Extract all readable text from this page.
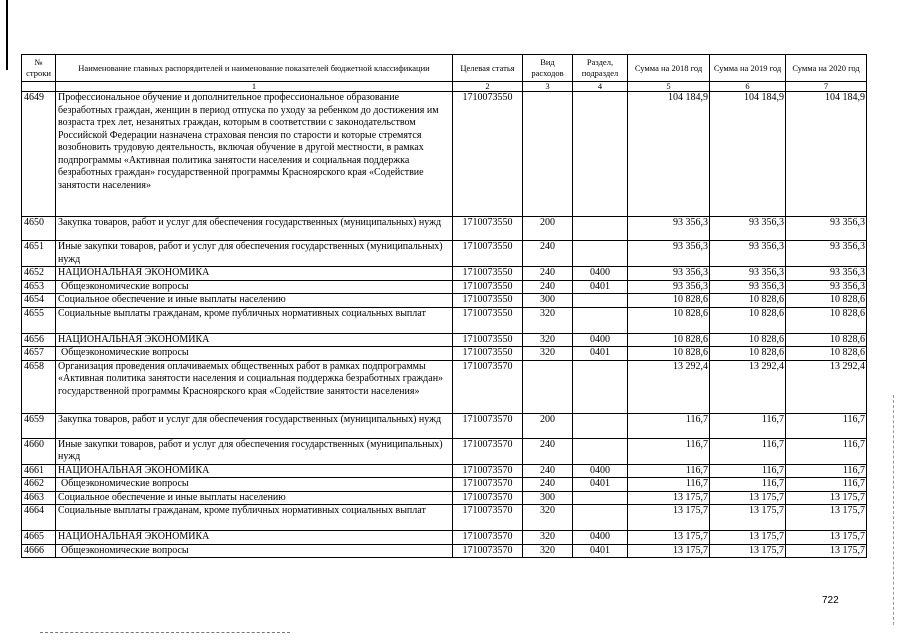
№ строки	Наименование главных распорядителей и наименование показателей бюджетной классификации	Целевая статья	Вид расходов	Раздел, подраздел	Сумма на 2018 год	Сумма на 2019 год	Сумма на 2020 год
	1	2	3	4	5	6	7
4649	Профессиональное обучение и дополнительное профессиональное образование безработных граждан, женщин в период отпуска по уходу за ребенком до достижения им возраста трех лет, незанятых граждан, которым в соответствии с законодательством Российской Федерации назначена страховая пенсия по старости и которые стремятся возобновить трудовую деятельность, включая обучение в другой местности, в рамках подпрограммы «Активная политика занятости населения и социальная поддержка безработных граждан» государственной программы Красноярского края «Содействие занятости населения»	1710073550			104 184,9	104 184,9	104 184,9
4650	Закупка товаров, работ и услуг для обеспечения государственных (муниципальных) нужд	1710073550	200		93 356,3	93 356,3	93 356,3
4651	Иные закупки товаров, работ и услуг для обеспечения государственных (муниципальных) нужд	1710073550	240		93 356,3	93 356,3	93 356,3
4652	НАЦИОНАЛЬНАЯ ЭКОНОМИКА	1710073550	240	0400	93 356,3	93 356,3	93 356,3
4653	Общеэкономические вопросы	1710073550	240	0401	93 356,3	93 356,3	93 356,3
4654	Социальное обеспечение и иные выплаты населению	1710073550	300		10 828,6	10 828,6	10 828,6
4655	Социальные выплаты гражданам, кроме публичных нормативных социальных выплат	1710073550	320		10 828,6	10 828,6	10 828,6
4656	НАЦИОНАЛЬНАЯ ЭКОНОМИКА	1710073550	320	0400	10 828,6	10 828,6	10 828,6
4657	Общеэкономические вопросы	1710073550	320	0401	10 828,6	10 828,6	10 828,6
4658	Организация проведения оплачиваемых общественных работ в рамках подпрограммы «Активная политика занятости населения и социальная поддержка безработных граждан» государственной программы Красноярского края «Содействие занятости населения»	1710073570			13 292,4	13 292,4	13 292,4
4659	Закупка товаров, работ и услуг для обеспечения государственных (муниципальных) нужд	1710073570	200		116,7	116,7	116,7
4660	Иные закупки товаров, работ и услуг для обеспечения государственных (муниципальных) нужд	1710073570	240		116,7	116,7	116,7
4661	НАЦИОНАЛЬНАЯ ЭКОНОМИКА	1710073570	240	0400	116,7	116,7	116,7
4662	Общеэкономические вопросы	1710073570	240	0401	116,7	116,7	116,7
4663	Социальное обеспечение и иные выплаты населению	1710073570	300		13 175,7	13 175,7	13 175,7
4664	Социальные выплаты гражданам, кроме публичных нормативных социальных выплат	1710073570	320		13 175,7	13 175,7	13 175,7
4665	НАЦИОНАЛЬНАЯ ЭКОНОМИКА	1710073570	320	0400	13 175,7	13 175,7	13 175,7
4666	Общеэкономические вопросы	1710073570	320	0401	13 175,7	13 175,7	13 175,7
722
